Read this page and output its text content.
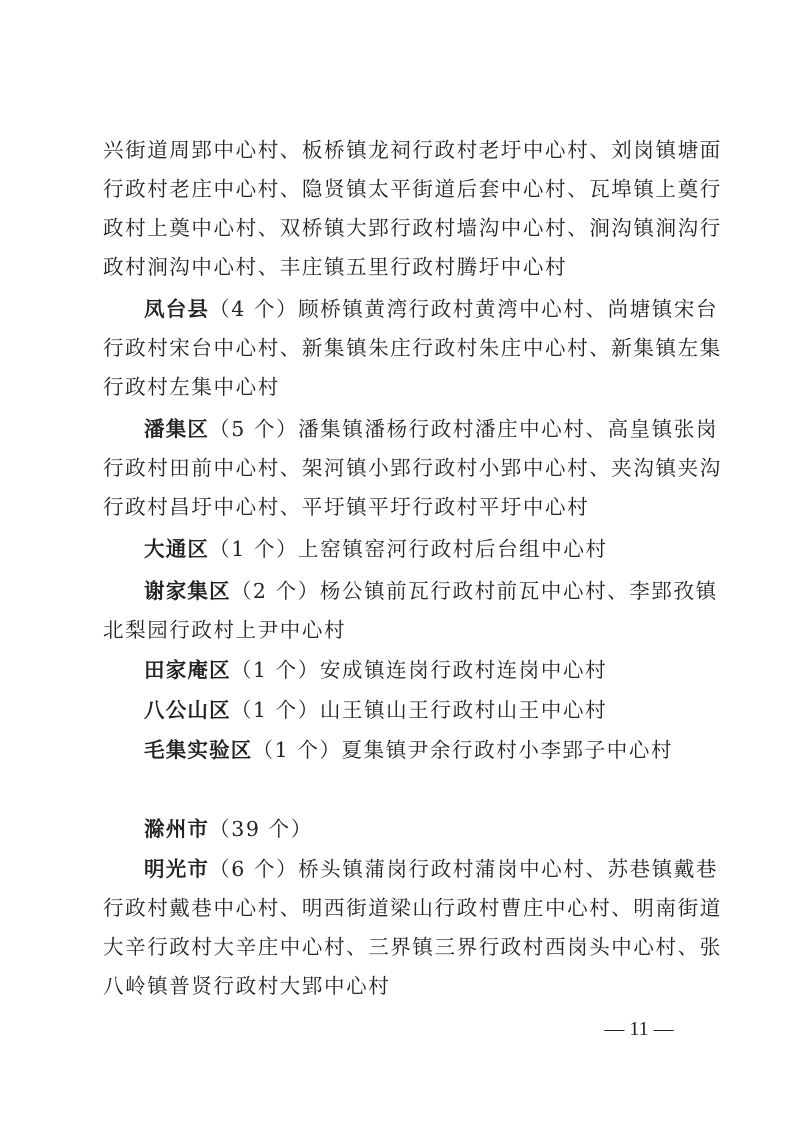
兴街道周郢中心村、板桥镇龙祠行政村老圩中心村、刘岗镇塘面
行政村老庄中心村、隐贤镇太平街道后套中心村、瓦埠镇上奠行
政村上奠中心村、双桥镇大郢行政村墙沟中心村、涧沟镇涧沟行
政村涧沟中心村、丰庄镇五里行政村腾圩中心村
凤台县（4 个）顾桥镇黄湾行政村黄湾中心村、尚塘镇宋台
行政村宋台中心村、新集镇朱庄行政村朱庄中心村、新集镇左集
行政村左集中心村
潘集区（5 个）潘集镇潘杨行政村潘庄中心村、高皇镇张岗
行政村田前中心村、架河镇小郢行政村小郢中心村、夹沟镇夹沟
行政村昌圩中心村、平圩镇平圩行政村平圩中心村
大通区（1 个）上窑镇窑河行政村后台组中心村
谢家集区（2 个）杨公镇前瓦行政村前瓦中心村、李郢孜镇
北梨园行政村上尹中心村
田家庵区（1 个）安成镇连岗行政村连岗中心村
八公山区（1 个）山王镇山王行政村山王中心村
毛集实验区（1 个）夏集镇尹余行政村小李郢子中心村
滁州市（39 个）
明光市（6 个）桥头镇蒲岗行政村蒲岗中心村、苏巷镇戴巷
行政村戴巷中心村、明西街道梁山行政村曹庄中心村、明南街道
大辛行政村大辛庄中心村、三界镇三界行政村西岗头中心村、张
八岭镇普贤行政村大郢中心村
— 11 —
